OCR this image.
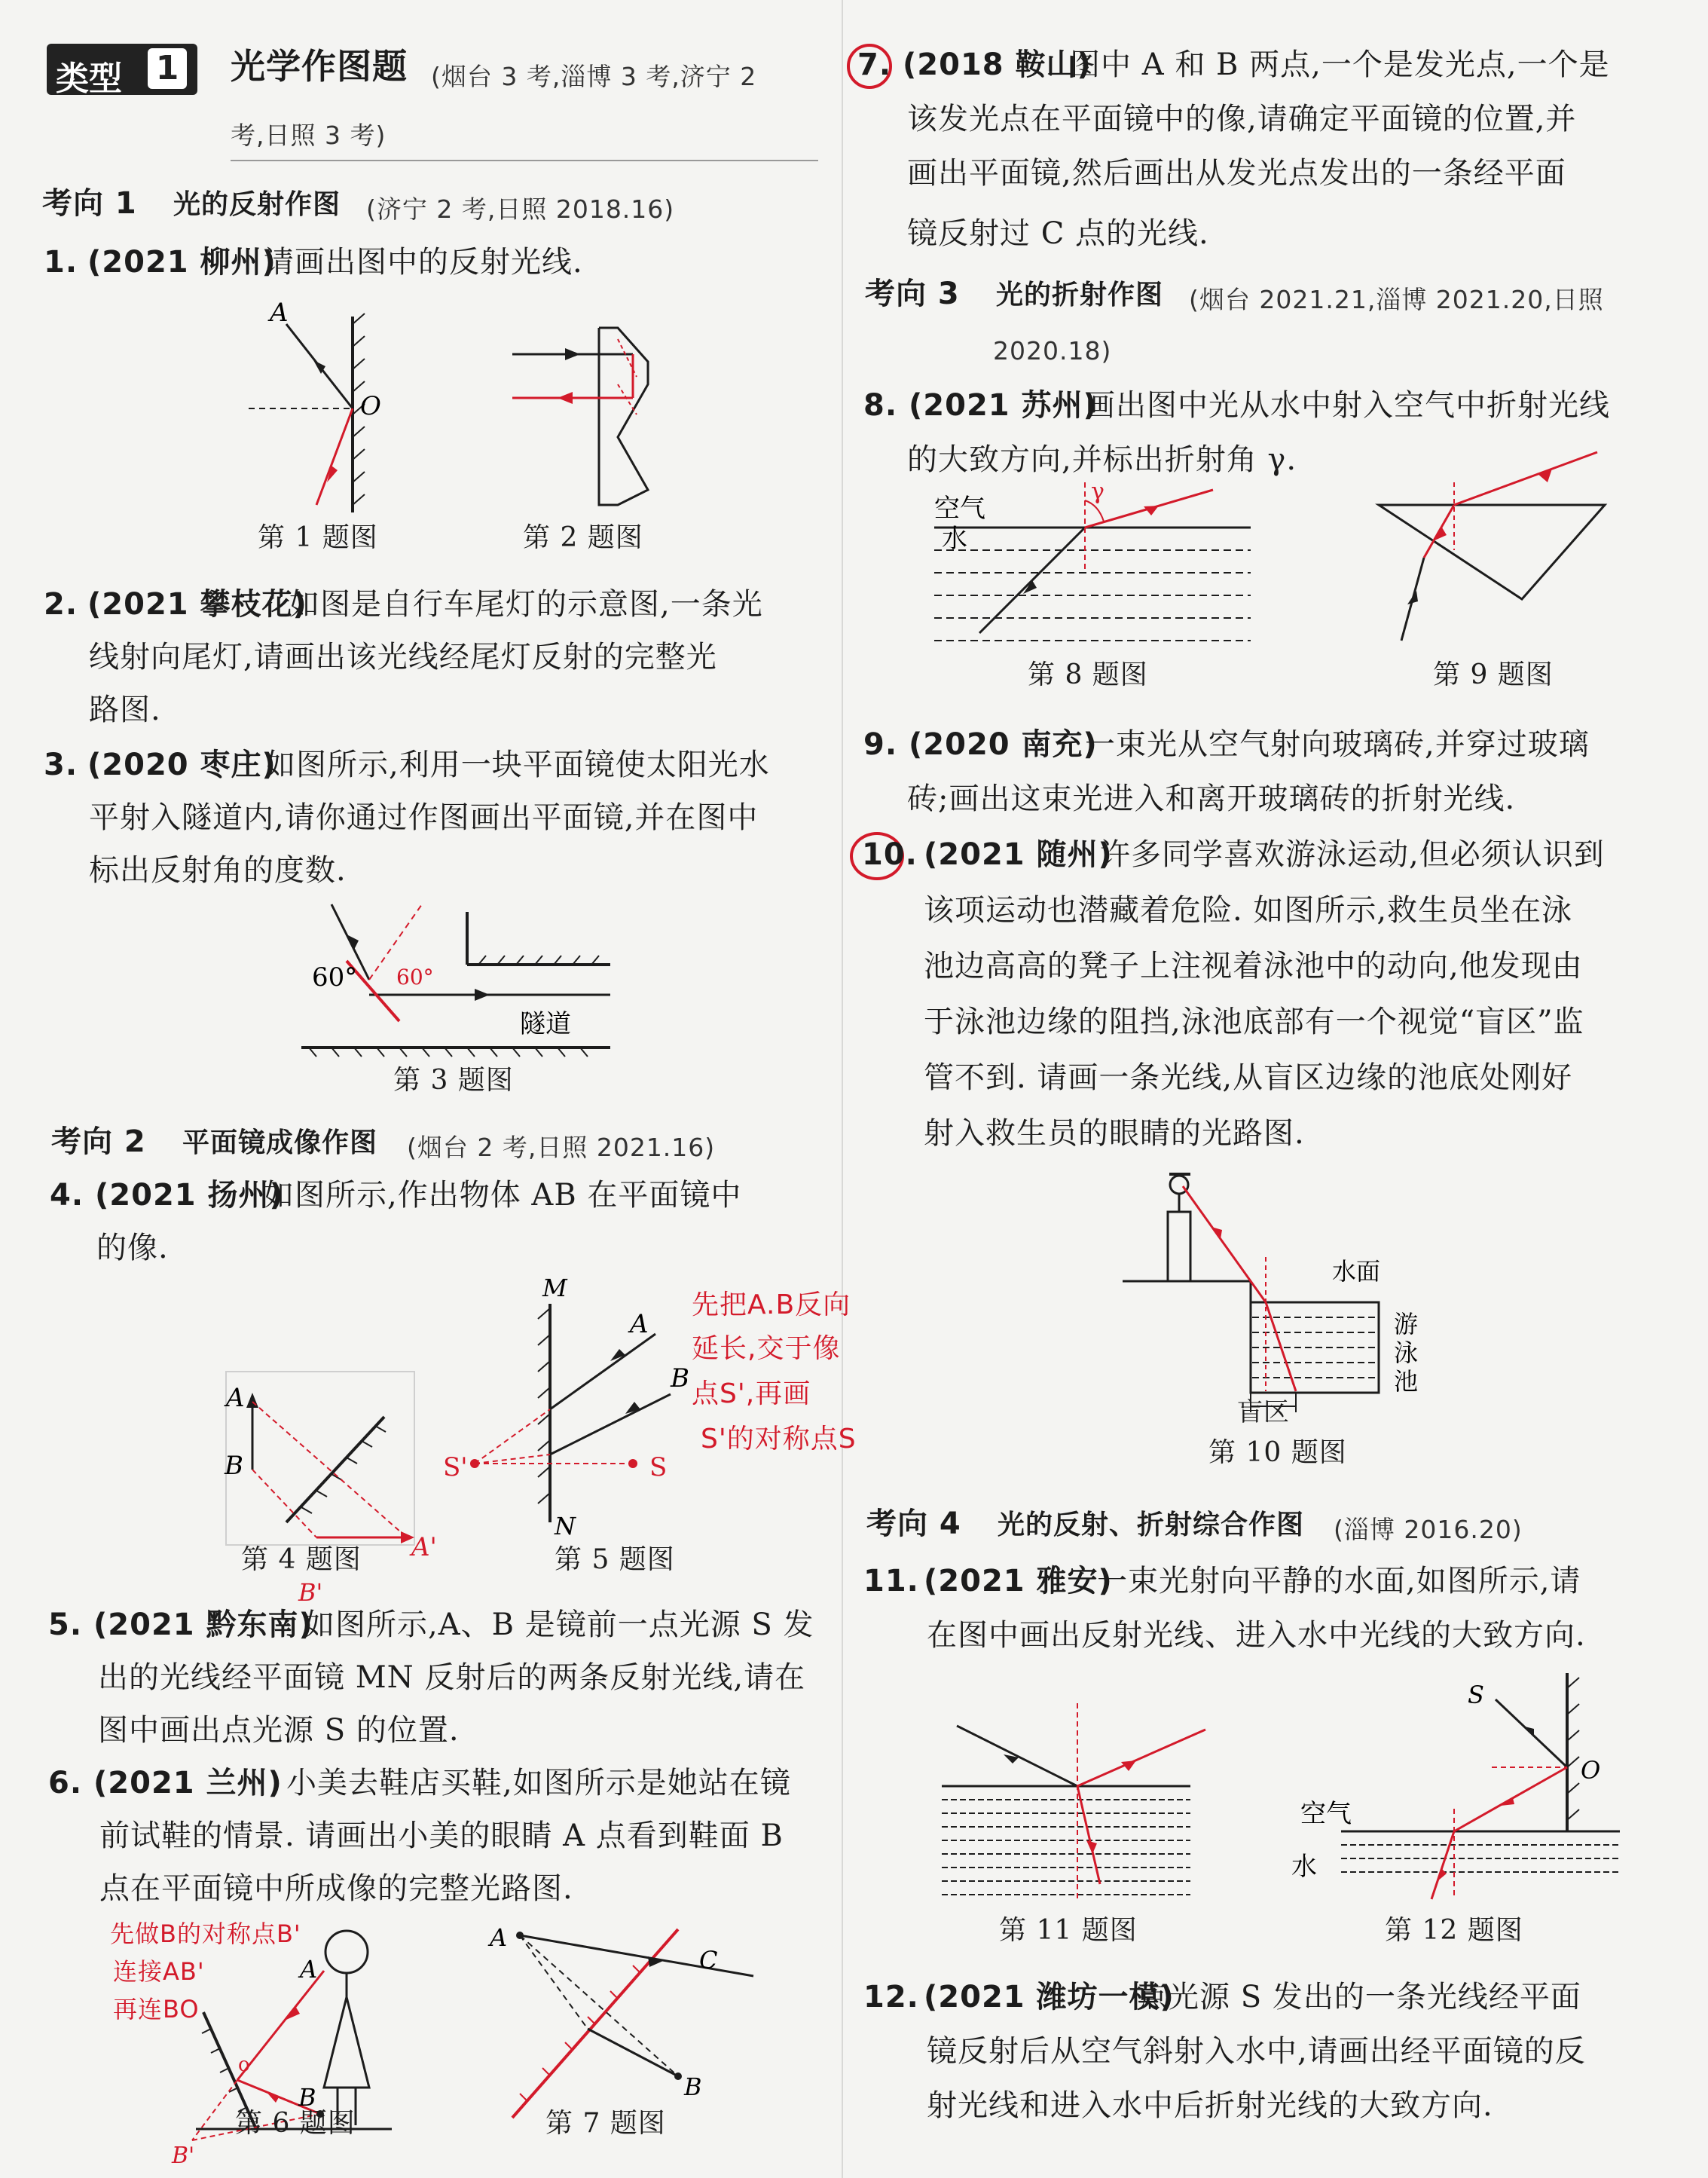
类型 1 光学作图题 (烟台 3 考,淄博 3 考,济宁 2
考,日照 3 考)
考向 1 光的反射作图 (济宁 2 考,日照 2018.16)
1. (2021 柳州)
请画出图中的反射光线.
A
O
第 1 题图	第 2 题图
2. (2021 攀枝花)
如图是自行车尾灯的示意图,一条光
线射向尾灯,请画出该光线经尾灯反射的完整光
路图.
3. (2020 枣庄)
如图所示,利用一块平面镜使太阳光水
平射入隧道内,请你通过作图画出平面镜,并在图中
标出反射角的度数.
60° 60°
隧道
第 3 题图
考向 2 平面镜成像作图 (烟台 2 考,日照 2021.16)
4. (2021 扬州)
如图所示,作出物体 AB 在平面镜中
的像.
A
B
A'
B'
M
N
A
B
S'	S
先把A.B反向
延长,交于像
点S',再画
S'的对称点S
第 4 题图	第 5 题图
5. (2021 黔东南)
如图所示,A、B 是镜前一点光源 S 发
出的光线经平面镜 MN 反射后的两条反射光线,请在
图中画出点光源 S 的位置.
6. (2021 兰州) 小美去鞋店买鞋,如图所示是她站在镜
前试鞋的情景. 请画出小美的眼睛 A 点看到鞋面 B
点在平面镜中所成像的完整光路图.
先做B的对称点B'
连接AB'
再连BO
A
B
o
B'
A
B
C
第 6 题图	第 7 题图
7. (2018 鞍山)
图中 A 和 B 两点,一个是发光点,一个是
该发光点在平面镜中的像,请确定平面镜的位置,并
画出平面镜,然后画出从发光点发出的一条经平面
镜反射过 C 点的光线.
考向 3 光的折射作图 (烟台 2021.21,淄博 2021.20,日照
2020.18)
8. (2021 苏州)
画出图中光从水中射入空气中折射光线
的大致方向,并标出折射角 γ.
空气
水
γ
第 8 题图	第 9 题图
9. (2020 南充)
一束光从空气射向玻璃砖,并穿过玻璃
砖;画出这束光进入和离开玻璃砖的折射光线.
10. (2021 随州)
许多同学喜欢游泳运动,但必须认识到
该项运动也潜藏着危险. 如图所示,救生员坐在泳
池边高高的凳子上注视着泳池中的动向,他发现由
于泳池边缘的阻挡,泳池底部有一个视觉“盲区”监
管不到. 请画一条光线,从盲区边缘的池底处刚好
射入救生员的眼睛的光路图.
水面
游
泳
池
盲区
第 10 题图
考向 4 光的反射、折射综合作图 (淄博 2016.20)
11. (2021 雅安)
一束光射向平静的水面,如图所示,请
在图中画出反射光线、进入水中光线的大致方向.
S
O
空气
水
第 11 题图	第 12 题图
12. (2021 潍坊一模)
点光源 S 发出的一条光线经平面
镜反射后从空气斜射入水中,请画出经平面镜的反
射光线和进入水中后折射光线的大致方向.
